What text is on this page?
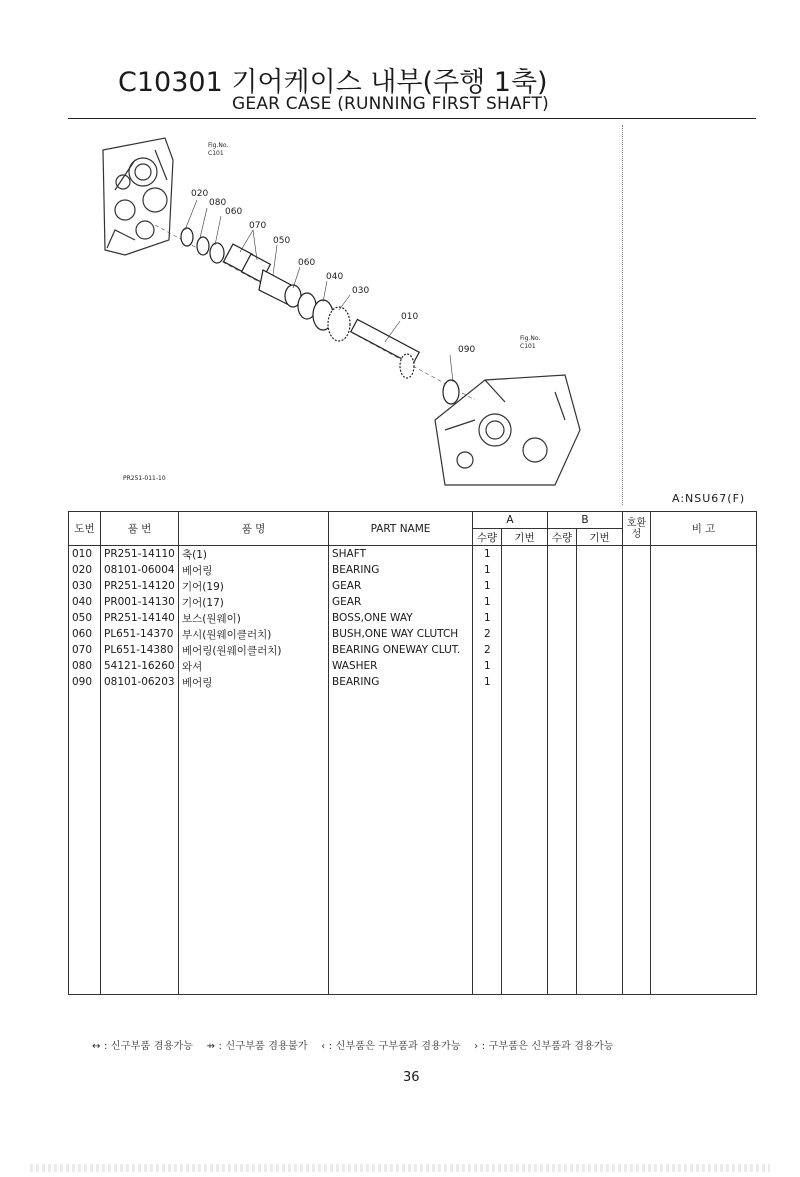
C10301 기어케이스 내부(주행 1축)
GEAR CASE (RUNNING FIRST SHAFT)
Fig.No.
C101
020
080
060
070
050
060
040
030
010
090
Fig.No.
C101
PR251-011-10
A:NSU67(F)
도번	품 번	품 명	PART NAME	A		B		호환성	비 고
				수량	기번	수량	기번		
010	PR251-14110	축(1)	SHAFT	1					
020	08101-06004	베어링	BEARING	1					
030	PR251-14120	기어(19)	GEAR	1					
040	PR001-14130	기어(17)	GEAR	1					
050	PR251-14140	보스(원웨이)	BOSS,ONE WAY	1					
060	PL651-14370	부시(원웨이클러치)	BUSH,ONE WAY CLUTCH	2					
070	PL651-14380	베어링(원웨이클러치)	BEARING ONEWAY CLUT.	2					
080	54121-16260	와셔	WASHER	1					
090	08101-06203	베어링	BEARING	1					

↔ : 신구부품 겸용가능 ⇸ : 신구부품 겸용불가 ‹ : 신부품은 구부품과 겸용가능 › : 구부품은 신부품과 겸용가능
36
